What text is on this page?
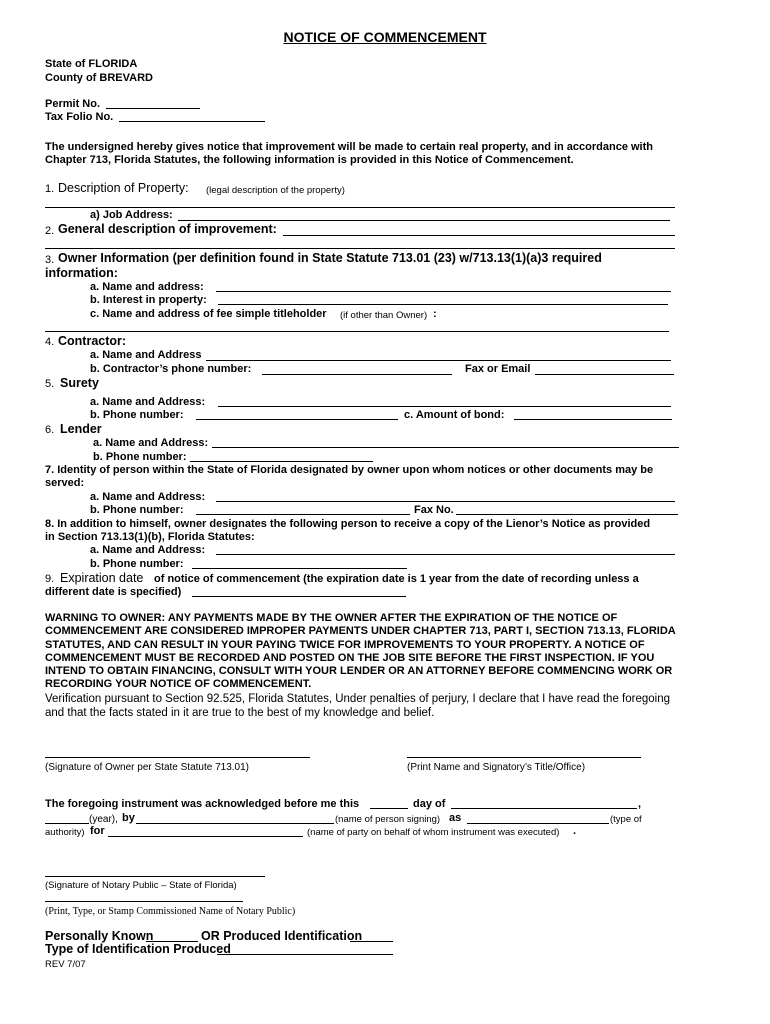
NOTICE OF COMMENCEMENT
State of FLORIDA
County of BREVARD
Permit No.
Tax Folio No.
The undersigned hereby gives notice that improvement will be made to certain real property, and in accordance with
Chapter 713, Florida Statutes, the following information is provided in this Notice of Commencement.
1. Description of Property: (legal description of the property)
a) Job Address:
2. General description of improvement:
3. Owner Information (per definition found in State Statute 713.01 (23) w/713.13(1)(a)3 required
information:
a. Name and address:
b. Interest in property:
c. Name and address of fee simple titleholder (if other than Owner) :
4. Contractor:
a. Name and Address
b. Contractor’s phone number:	Fax or Email
5. Surety
a. Name and Address:
b. Phone number:	c. Amount of bond:
6. Lender
a. Name and Address:
b. Phone number:
7. Identity of person within the State of Florida designated by owner upon whom notices or other documents may be
served:
a. Name and Address:
b. Phone number:	Fax No.
8. In addition to himself, owner designates the following person to receive a copy of the Lienor’s Notice as provided
in Section 713.13(1)(b), Florida Statutes:
a. Name and Address:
b. Phone number:
9. Expiration date of notice of commencement (the expiration date is 1 year from the date of recording unless a
different date is specified)
WARNING TO OWNER: ANY PAYMENTS MADE BY THE OWNER AFTER THE EXPIRATION OF THE NOTICE OF COMMENCEMENT ARE CONSIDERED IMPROPER PAYMENTS UNDER CHAPTER 713, PART I, SECTION 713.13, FLORIDA STATUTES, AND CAN RESULT IN YOUR PAYING TWICE FOR IMPROVEMENTS TO YOUR PROPERTY. A NOTICE OF COMMENCEMENT MUST BE RECORDED AND POSTED ON THE JOB SITE BEFORE THE FIRST INSPECTION. IF YOU INTEND TO OBTAIN FINANCING, CONSULT WITH YOUR LENDER OR AN ATTORNEY BEFORE COMMENCING WORK OR RECORDING YOUR NOTICE OF COMMENCEMENT.
Verification pursuant to Section 92.525, Florida Statutes, Under penalties of perjury, I declare that I have read the foregoing and that the facts stated in it are true to the best of my knowledge and belief.
(Signature of Owner per State Statute 713.01)	(Print Name and Signatory’s Title/Office)
The foregoing instrument was acknowledged before me this	day of	,
(year), by	(name of person signing) as	(type of
authority) for	(name of party on behalf of whom instrument was executed) .
(Signature of Notary Public – State of Florida)
(Print, Type, or Stamp Commissioned Name of Notary Public)
Personally Known	OR Produced Identification
Type of Identification Produced
REV 7/07
